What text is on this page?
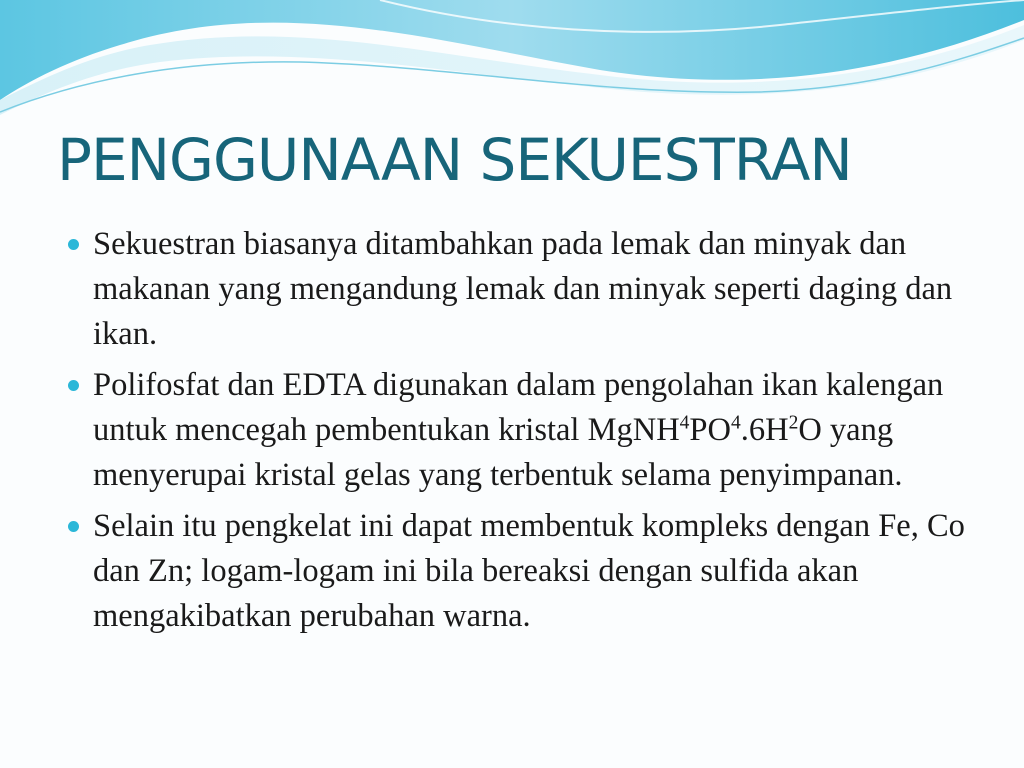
PENGGUNAAN SEKUESTRAN
Sekuestran biasanya ditambahkan pada lemak dan minyak dan makanan yang mengandung lemak dan minyak seperti daging dan ikan.
Polifosfat dan EDTA digunakan dalam pengolahan ikan kalengan untuk mencegah pembentukan kristal $MgNH^4PO^4.6H^2O$ yang menyerupai kristal gelas yang terbentuk selama penyimpanan.
Selain itu pengkelat ini dapat membentuk kompleks dengan Fe, Co dan Zn; logam-logam ini bila bereaksi dengan sulfida akan mengakibatkan perubahan warna.
